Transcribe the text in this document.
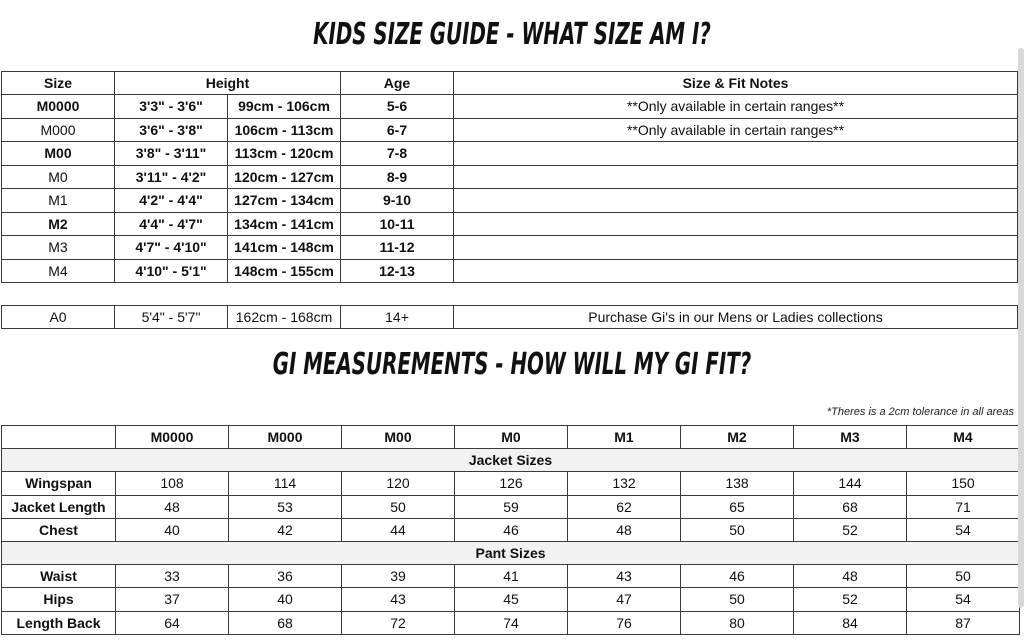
KIDS SIZE GUIDE - WHAT SIZE AM I?
Size	Height		Age	Size & Fit Notes
M0000	3'3" - 3'6"	99cm - 106cm	5-6	**Only available in certain ranges**
M000	3'6" - 3'8"	106cm - 113cm	6-7	**Only available in certain ranges**
M00	3'8" - 3'11"	113cm - 120cm	7-8	
M0	3'11" - 4'2"	120cm - 127cm	8-9	
M1	4'2" - 4'4"	127cm - 134cm	9-10	
M2	4'4" - 4'7"	134cm - 141cm	10-11	
M3	4'7" - 4'10"	141cm - 148cm	11-12	
M4	4'10" - 5'1"	148cm - 155cm	12-13	
A0	5'4" - 5'7"	162cm - 168cm	14+	Purchase Gi's in our Mens or Ladies collections
GI MEASUREMENTS - HOW WILL MY GI FIT?
*Theres is a 2cm tolerance in all areas
	M0000	M000	M00	M0	M1	M2	M3	M4
Jacket Sizes								
Wingspan	108	114	120	126	132	138	144	150
Jacket Length	48	53	50	59	62	65	68	71
Chest	40	42	44	46	48	50	52	54
Pant Sizes								
Waist	33	36	39	41	43	46	48	50
Hips	37	40	43	45	47	50	52	54
Length Back	64	68	72	74	76	80	84	87
